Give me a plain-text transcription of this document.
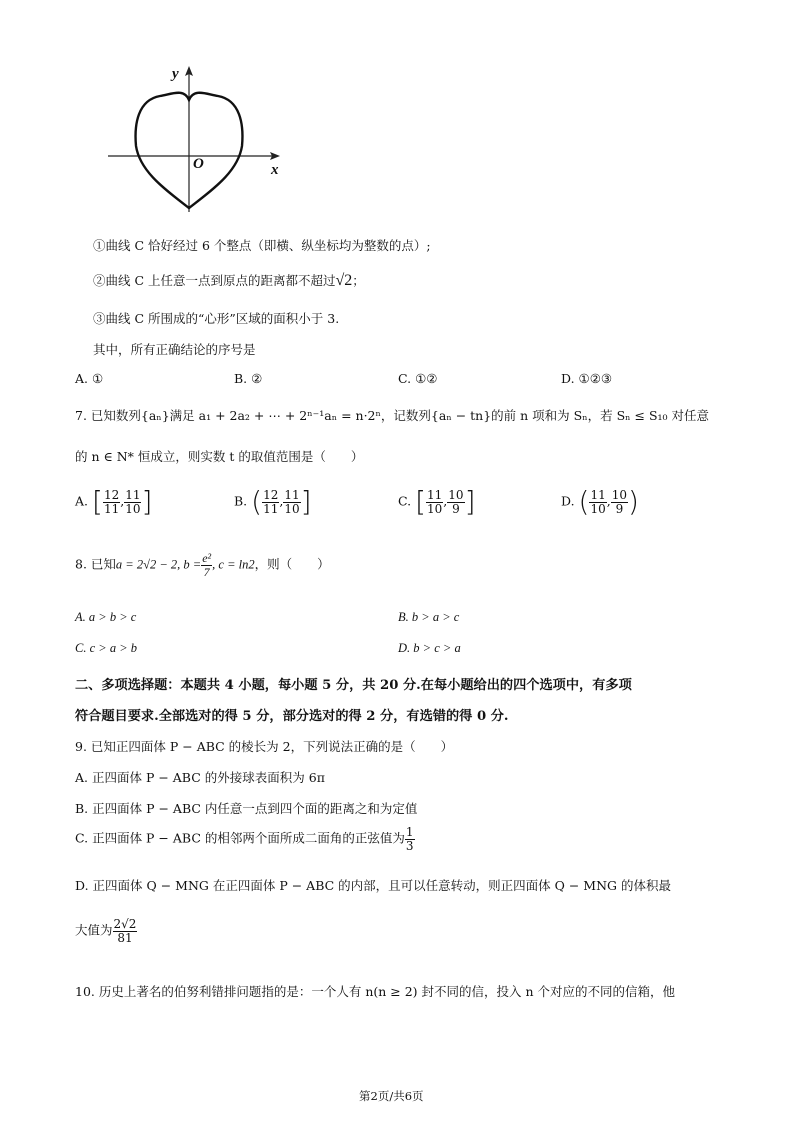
y
x
O
①曲线 C 恰好经过 6 个整点（即横、纵坐标均为整数的点）;
②曲线 C 上任意一点到原点的距离都不超过√2；
③曲线 C 所围成的“心形”区域的面积小于 3.
其中，所有正确结论的序号是
A. ①	B. ②	C. ①②	D. ①②③
7. 已知数列{aₙ}满足 a₁ + 2a₂ + ⋯ + 2ⁿ⁻¹aₙ = n·2ⁿ，记数列{aₙ − tn}的前 n 项和为 Sₙ，若 Sₙ ≤ S₁₀ 对任意
的 n ∈ N* 恒成立，则实数 t 的取值范围是（　　）
A. [ $\frac{12}{11}$ , $\frac{11}{10}$ ]	B. ( $\frac{12}{11}$ , $\frac{11}{10}$ ]	C. [ $\frac{11}{10}$ , $\frac{10}{9}$ ]	D. ( $\frac{11}{10}$ , $\frac{10}{9}$ )
8. 已知a = 2√2 − 2, $b = \frac{\text{e²}}{7}$ , c = ln2，则（　　）
A. a > b > c	B. b > a > c
C. c > a > b	D. b > c > a
二、多项选择题：本题共 4 小题，每小题 5 分，共 20 分.在每小题给出的四个选项中，有多项
符合题目要求.全部选对的得 5 分，部分选对的得 2 分，有选错的得 0 分.
9. 已知正四面体 P − ABC 的棱长为 2，下列说法正确的是（　　）
A. 正四面体 P − ABC 的外接球表面积为 6π
B. 正四面体 P − ABC 内任意一点到四个面的距离之和为定值
C. 正四面体 P − ABC 的相邻两个面所成二面角的正弦值为 $\frac{1}{3}$
D. 正四面体 Q − MNG 在正四面体 P − ABC 的内部，且可以任意转动，则正四面体 Q − MNG 的体积最
大值为 $\frac{2√2}{81}$
10. 历史上著名的伯努利错排问题指的是：一个人有 n(n ≥ 2) 封不同的信，投入 n 个对应的不同的信箱，他
第2页/共6页
